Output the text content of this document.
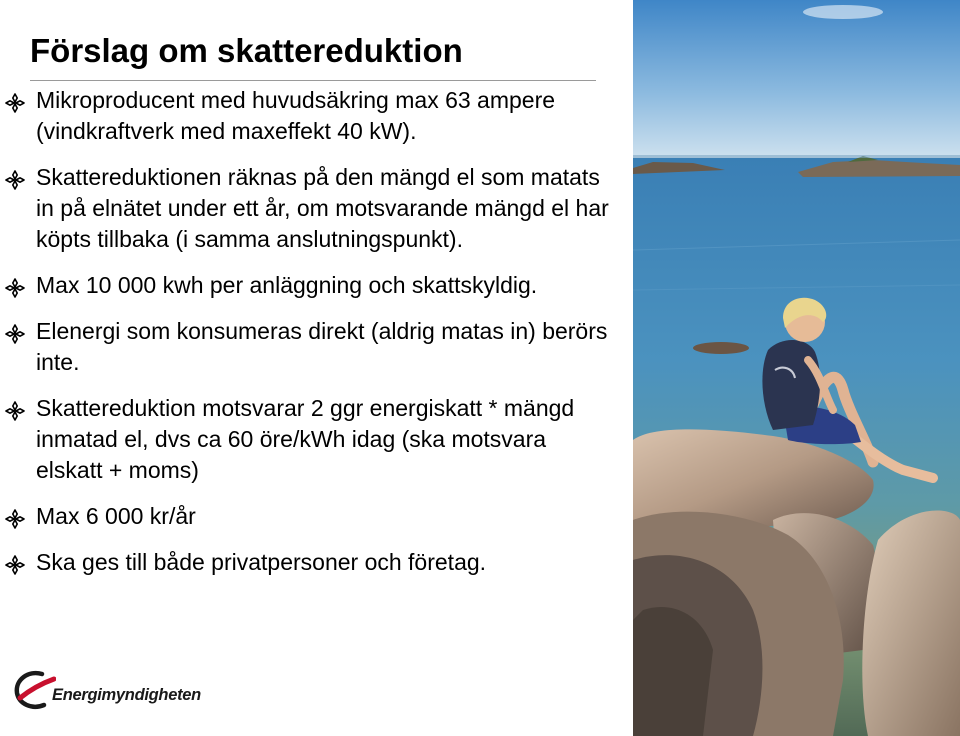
Förslag om skattereduktion
Mikroproducent med huvudsäkring max 63 ampere (vindkraftverk med maxeffekt 40 kW).
Skattereduktionen räknas på den mängd el som matats in på elnätet under ett år, om motsvarande mängd el har köpts tillbaka (i samma anslutningspunkt).
Max 10 000 kwh per anläggning och skattskyldig.
Elenergi som konsumeras direkt (aldrig matas in) berörs inte.
Skattereduktion motsvarar 2 ggr energiskatt * mängd inmatad el, dvs ca 60 öre/kWh idag (ska motsvara elskatt + moms)
Max 6 000 kr/år
Ska ges till både privatpersoner och företag.
Energimyndigheten
